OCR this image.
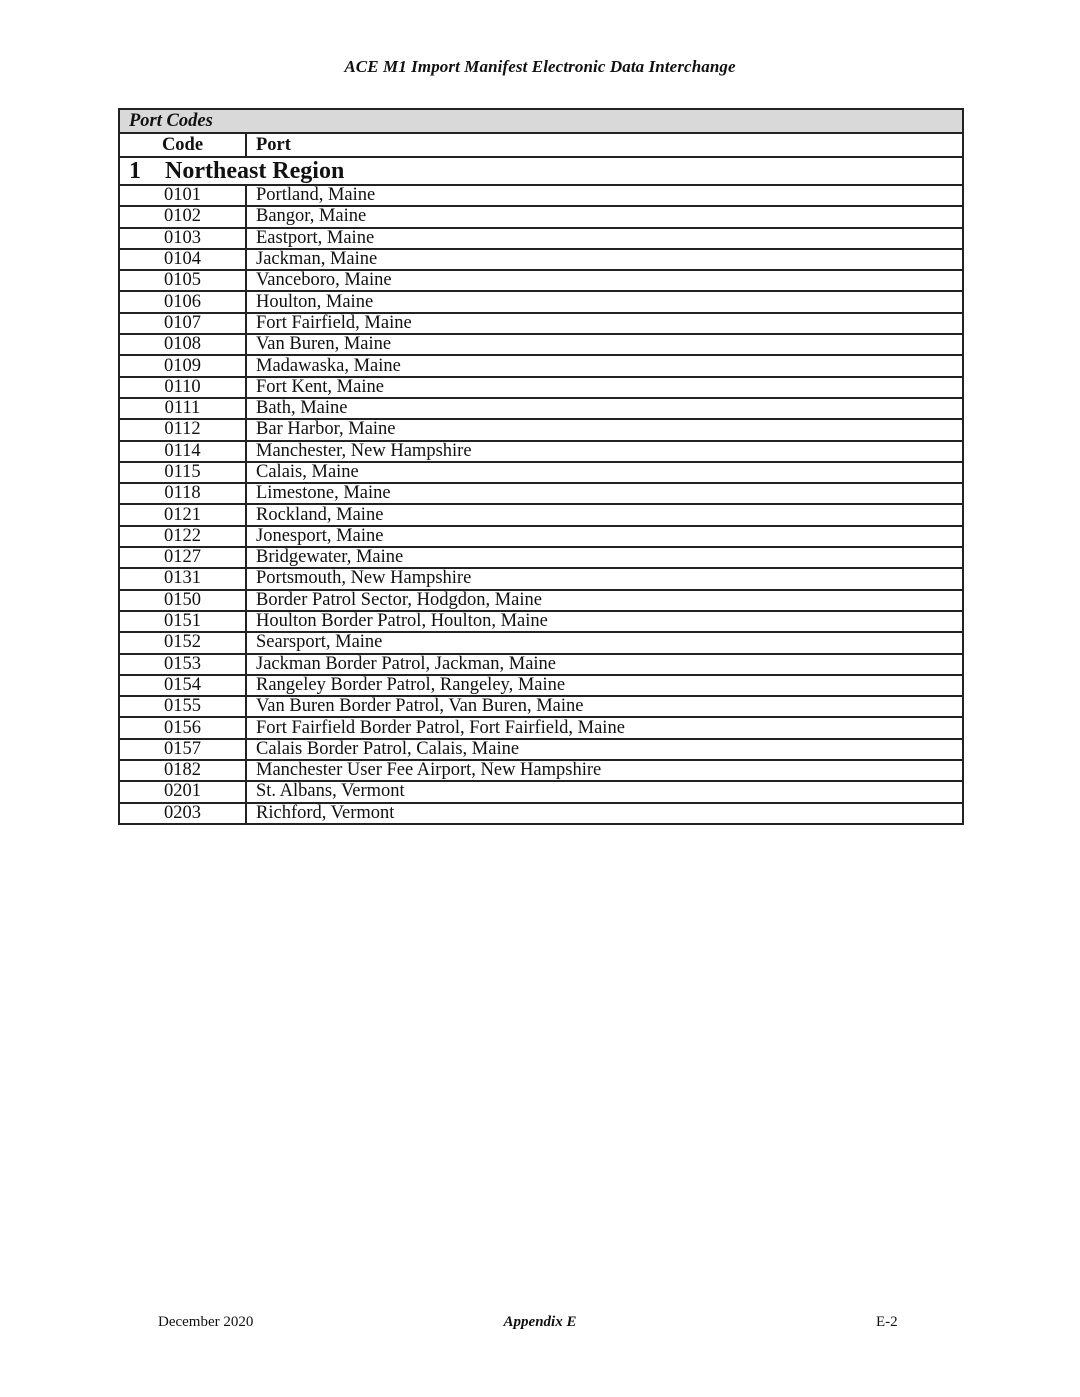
ACE M1 Import Manifest Electronic Data Interchange
Port Codes	
Code	Port
1 Northeast Region	
0101	Portland, Maine
0102	Bangor, Maine
0103	Eastport, Maine
0104	Jackman, Maine
0105	Vanceboro, Maine
0106	Houlton, Maine
0107	Fort Fairfield, Maine
0108	Van Buren, Maine
0109	Madawaska, Maine
0110	Fort Kent, Maine
0111	Bath, Maine
0112	Bar Harbor, Maine
0114	Manchester, New Hampshire
0115	Calais, Maine
0118	Limestone, Maine
0121	Rockland, Maine
0122	Jonesport, Maine
0127	Bridgewater, Maine
0131	Portsmouth, New Hampshire
0150	Border Patrol Sector, Hodgdon, Maine
0151	Houlton Border Patrol, Houlton, Maine
0152	Searsport, Maine
0153	Jackman Border Patrol, Jackman, Maine
0154	Rangeley Border Patrol, Rangeley, Maine
0155	Van Buren Border Patrol, Van Buren, Maine
0156	Fort Fairfield Border Patrol, Fort Fairfield, Maine
0157	Calais Border Patrol, Calais, Maine
0182	Manchester User Fee Airport, New Hampshire
0201	St. Albans, Vermont
0203	Richford, Vermont
December 2020	Appendix E	E-2
